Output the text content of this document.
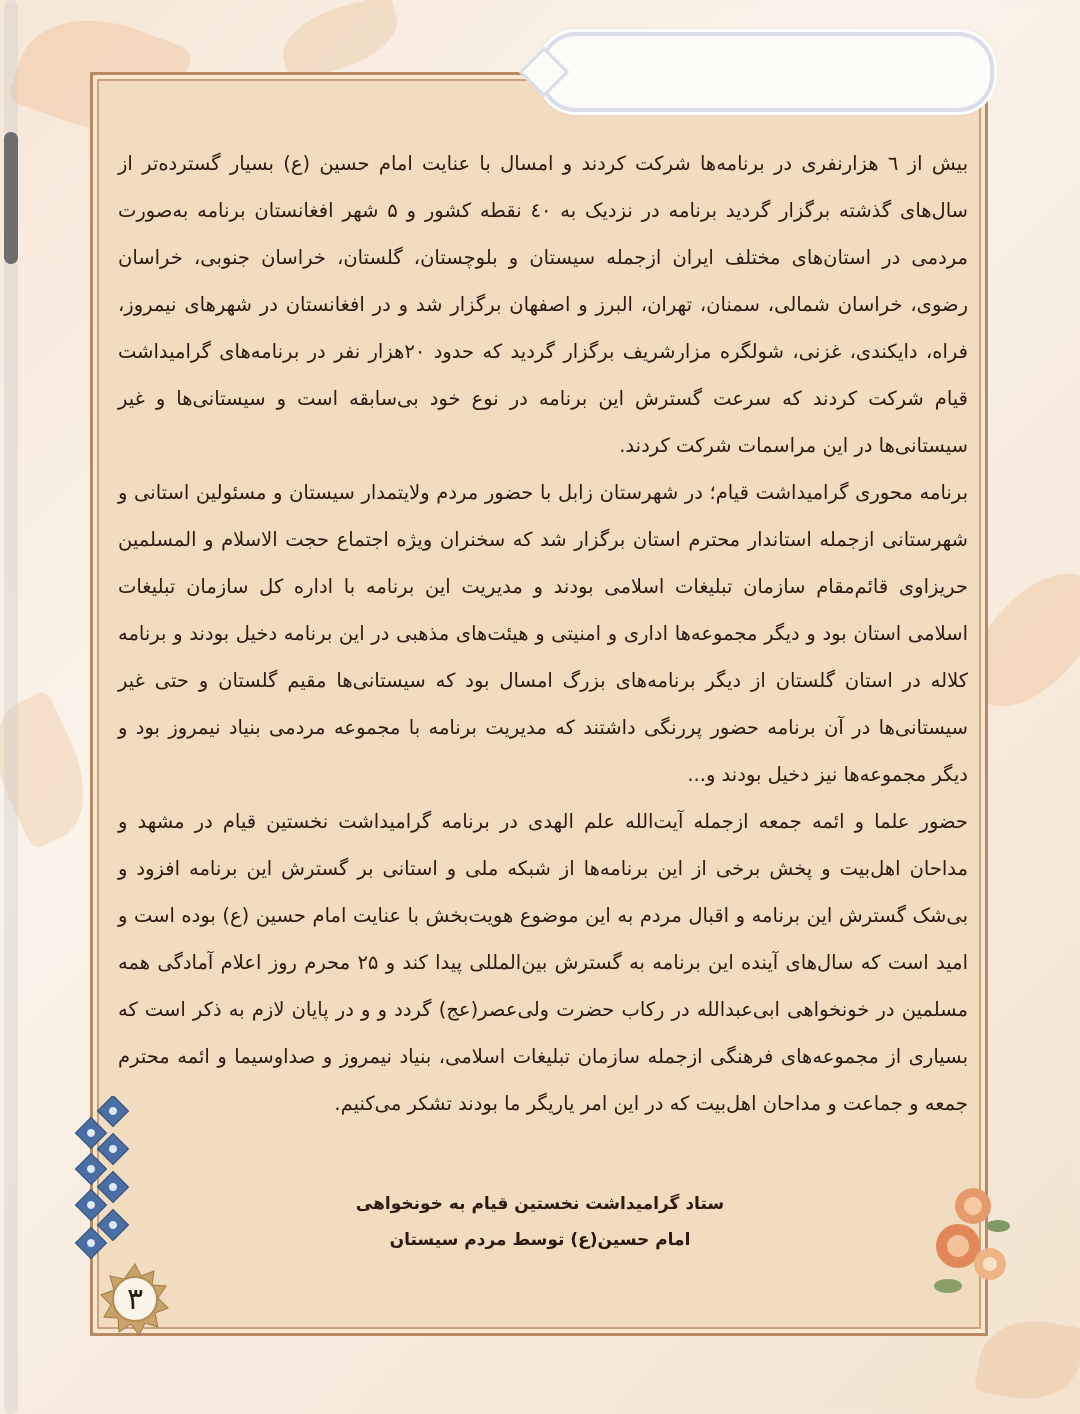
بیش از ٦ هزارنفری در برنامه‌ها شرکت کردند و امسال با عنایت امام حسین (ع) بسیار گسترده‌تر از سال‌های گذشته برگزار گردید برنامه در نزدیک به ٤٠ نقطه کشور و ۵ شهر افغانستان برنامه به‌صورت مردمی در استان‌های مختلف ایران ازجمله سیستان و بلوچستان، گلستان، خراسان جنوبی، خراسان رضوی، خراسان شمالی، سمنان، تهران، البرز و اصفهان برگزار شد و در افغانستان در شهرهای نیمروز، فراه، دایکندی، غزنی، شولگره مزارشریف برگزار گردید که حدود ٢٠هزار نفر در برنامه‌های گرامیداشت قیام شرکت کردند که سرعت گسترش این برنامه در نوع خود بی‌سابقه است و سیستانی‌ها و غیر سیستانی‌ها در این مراسمات شرکت کردند.

برنامه محوری گرامیداشت قیام؛ در شهرستان زابل با حضور مردم ولایتمدار سیستان و مسئولین استانی و شهرستانی ازجمله استاندار محترم استان برگزار شد که سخنران ویژه اجتماع حجت الاسلام و المسلمین حریزاوی قائم‌مقام سازمان تبلیغات اسلامی بودند و مدیریت این برنامه با اداره کل سازمان تبلیغات اسلامی استان بود و دیگر مجموعه‌ها اداری و امنیتی و هیئت‌های مذهبی در این برنامه دخیل بودند و برنامه کلاله در استان گلستان از دیگر برنامه‌های بزرگ امسال بود که سیستانی‌ها مقیم گلستان و حتی غیر سیستانی‌ها در آن برنامه حضور پررنگی داشتند که مدیریت برنامه با مجموعه مردمی بنیاد نیمروز بود و دیگر مجموعه‌ها نیز دخیل بودند و...

حضور علما و ائمه جمعه ازجمله آیت‌الله علم الهدی در برنامه گرامیداشت نخستین قیام در مشهد و مداحان اهل‌بیت و پخش برخی از این برنامه‌ها از شبکه ملی و استانی بر گسترش این برنامه افزود و بی‌شک گسترش این برنامه و اقبال مردم به این موضوع هویت‌بخش با عنایت امام حسین (ع) بوده است و امید است که سال‌های آینده این برنامه به گسترش بین‌المللی پیدا کند و ٢۵ محرم روز اعلام آمادگی همه مسلمین در خونخواهی ابی‌عبدالله در رکاب حضرت ولی‌عصر(عج) گردد و و در پایان لازم به ذکر است که بسیاری از مجموعه‌های فرهنگی ازجمله سازمان تبلیغات اسلامی، بنیاد نیمروز و صداوسیما و ائمه محترم جمعه و جماعت و مداحان اهل‌بیت که در این امر یاریگر ما بودند تشکر می‌کنیم.

ستاد گرامیداشت نخستین قیام به خونخواهی
امام حسین(ع) توسط مردم سیستان
٣
